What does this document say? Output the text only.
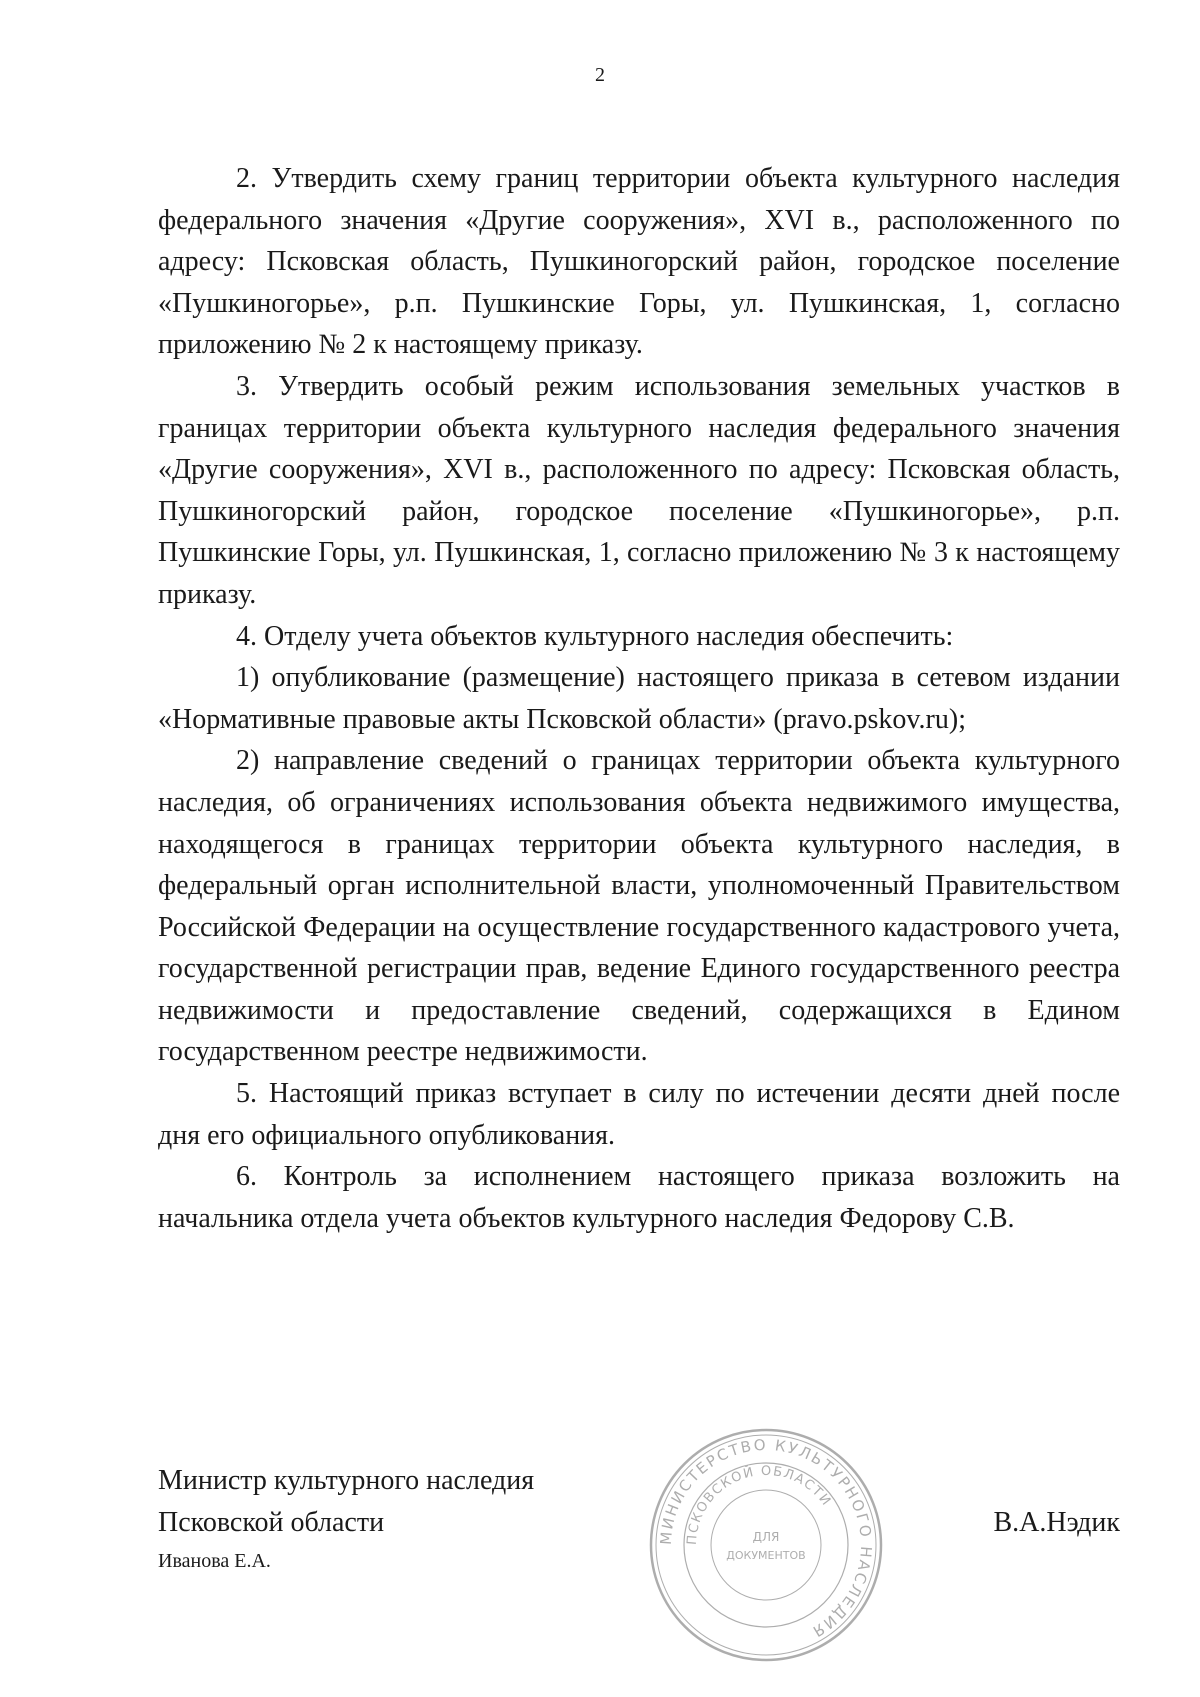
2

2. Утвердить схему границ территории объекта культурного наследия федерального значения «Другие сооружения», XVI в., расположенного по адресу: Псковская область, Пушкиногорский район, городское поселение «Пушкиногорье», р.п. Пушкинские Горы, ул. Пушкинская, 1, согласно приложению № 2 к настоящему приказу.

3. Утвердить особый режим использования земельных участков в границах территории объекта культурного наследия федерального значения «Другие сооружения», XVI в., расположенного по адресу: Псковская область, Пушкиногорский район, городское поселение «Пушкиногорье», р.п. Пушкинские Горы, ул. Пушкинская, 1, согласно приложению № 3 к настоящему приказу.

4. Отделу учета объектов культурного наследия обеспечить:

1) опубликование (размещение) настоящего приказа в сетевом издании «Нормативные правовые акты Псковской области» (pravo.pskov.ru);

2) направление сведений о границах территории объекта культурного наследия, об ограничениях использования объекта недвижимого имущества, находящегося в границах территории объекта культурного наследия, в федеральный орган исполнительной власти, уполномоченный Правительством Российской Федерации на осуществление государственного кадастрового учета, государственной регистрации прав, ведение Единого государственного реестра недвижимости и предоставление сведений, содержащихся в Едином государственном реестре недвижимости.

5. Настоящий приказ вступает в силу по истечении десяти дней после дня его официального опубликования.

6. Контроль за исполнением настоящего приказа возложить на начальника отдела учета объектов культурного наследия Федорову С.В.

Министр культурного наследия
Псковской области
Иванова Е.А.
МИНИСТЕРСТВО КУЛЬТУРНОГО НАСЛЕДИЯ
ПСКОВСКОЙ ОБЛАСТИ
ДЛЯ
ДОКУМЕНТОВ
В.А.Нэдик
